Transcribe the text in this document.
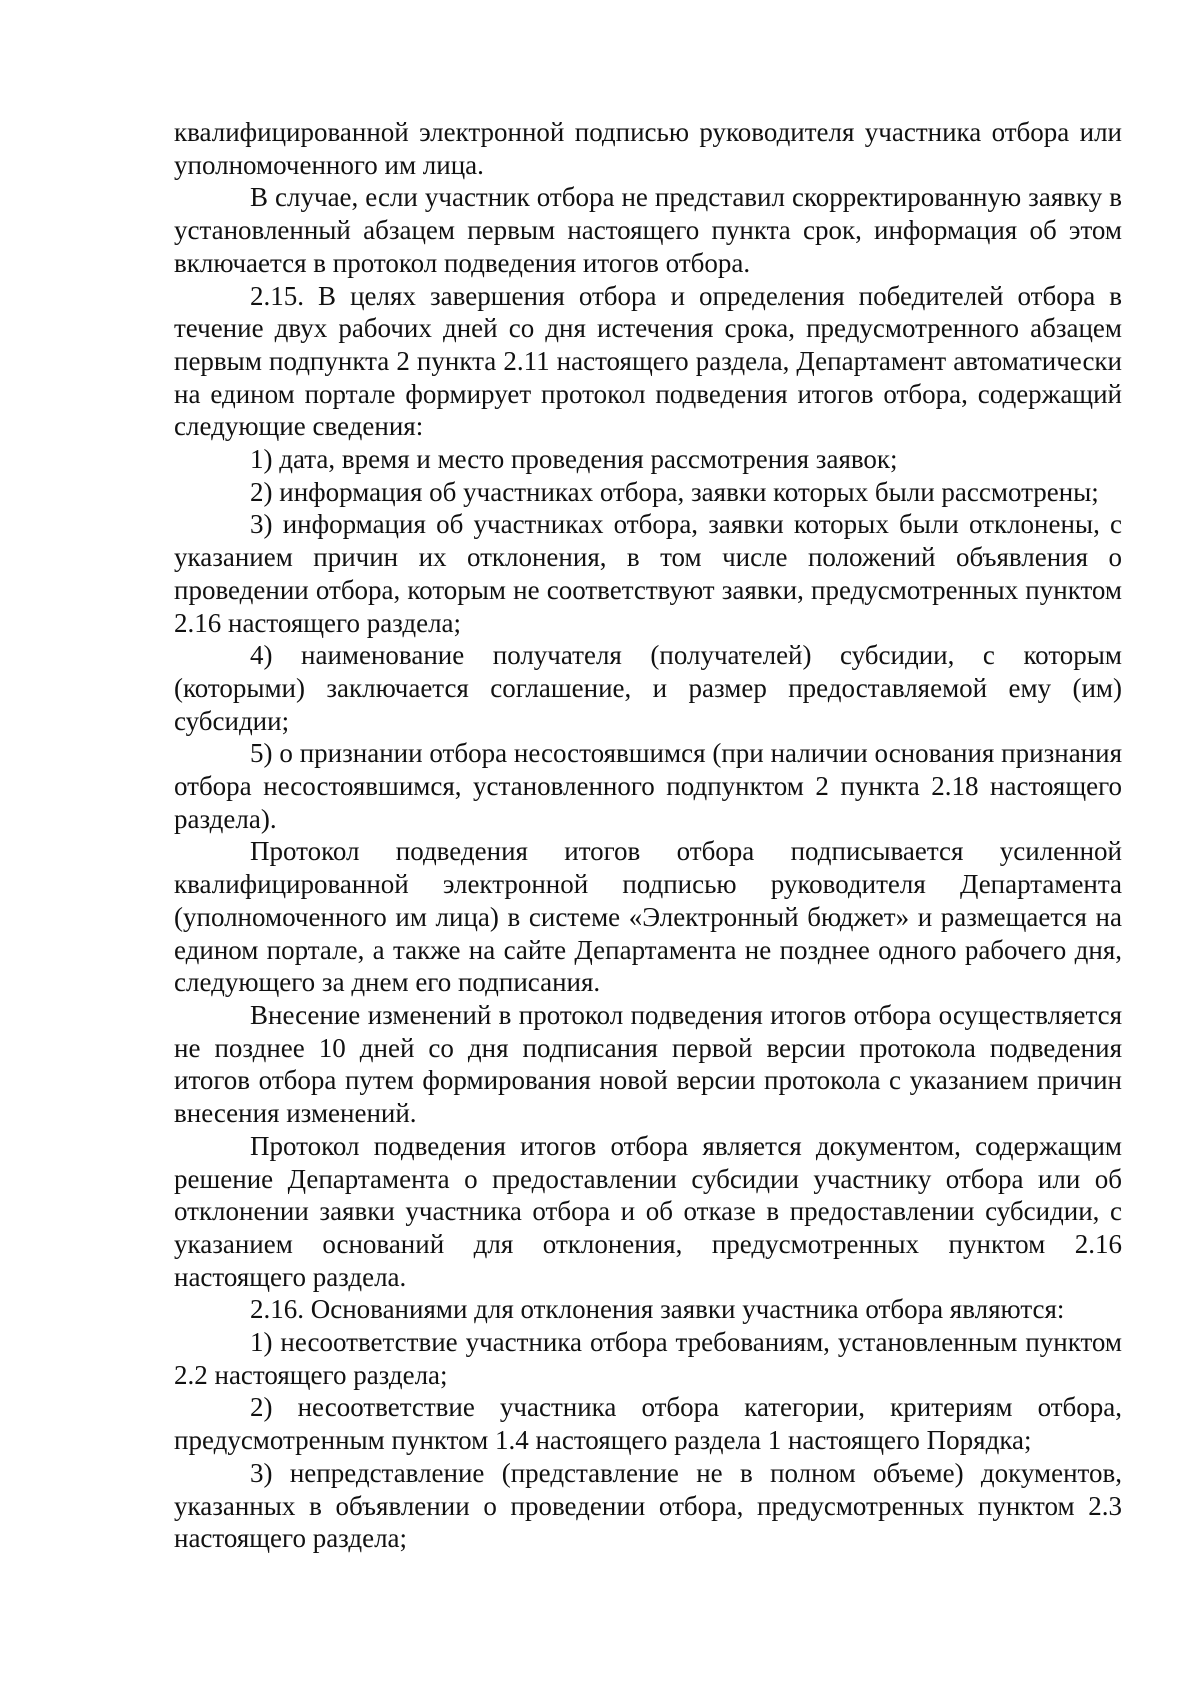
квалифицированной электронной подписью руководителя участника отбора или уполномоченного им лица.

В случае, если участник отбора не представил скорректированную заявку в установленный абзацем первым настоящего пункта срок, информация об этом включается в протокол подведения итогов отбора.

2.15. В целях завершения отбора и определения победителей отбора в течение двух рабочих дней со дня истечения срока, предусмотренного абзацем первым подпункта 2 пункта 2.11 настоящего раздела, Департамент автоматически на едином портале формирует протокол подведения итогов отбора, содержащий следующие сведения:

1) дата, время и место проведения рассмотрения заявок;

2) информация об участниках отбора, заявки которых были рассмотрены;

3) информация об участниках отбора, заявки которых были отклонены, с указанием причин их отклонения, в том числе положений объявления о проведении отбора, которым не соответствуют заявки, предусмотренных пунктом 2.16 настоящего раздела;

4) наименование получателя (получателей) субсидии, с которым (которыми) заключается соглашение, и размер предоставляемой ему (им) субсидии;

5) о признании отбора несостоявшимся (при наличии основания признания отбора несостоявшимся, установленного подпунктом 2 пункта 2.18 настоящего раздела).

Протокол подведения итогов отбора подписывается усиленной квалифицированной электронной подписью руководителя Департамента (уполномоченного им лица) в системе «Электронный бюджет» и размещается на едином портале, а также на сайте Департамента не позднее одного рабочего дня, следующего за днем его подписания.

Внесение изменений в протокол подведения итогов отбора осуществляется не позднее 10 дней со дня подписания первой версии протокола подведения итогов отбора путем формирования новой версии протокола с указанием причин внесения изменений.

Протокол подведения итогов отбора является документом, содержащим решение Департамента о предоставлении субсидии участнику отбора или об отклонении заявки участника отбора и об отказе в предоставлении субсидии, с указанием оснований для отклонения, предусмотренных пунктом 2.16 настоящего раздела.

2.16. Основаниями для отклонения заявки участника отбора являются:

1) несоответствие участника отбора требованиям, установленным пунктом 2.2 настоящего раздела;

2) несоответствие участника отбора категории, критериям отбора, предусмотренным пунктом 1.4 настоящего раздела 1 настоящего Порядка;

3) непредставление (представление не в полном объеме) документов, указанных в объявлении о проведении отбора, предусмотренных пунктом 2.3 настоящего раздела;
